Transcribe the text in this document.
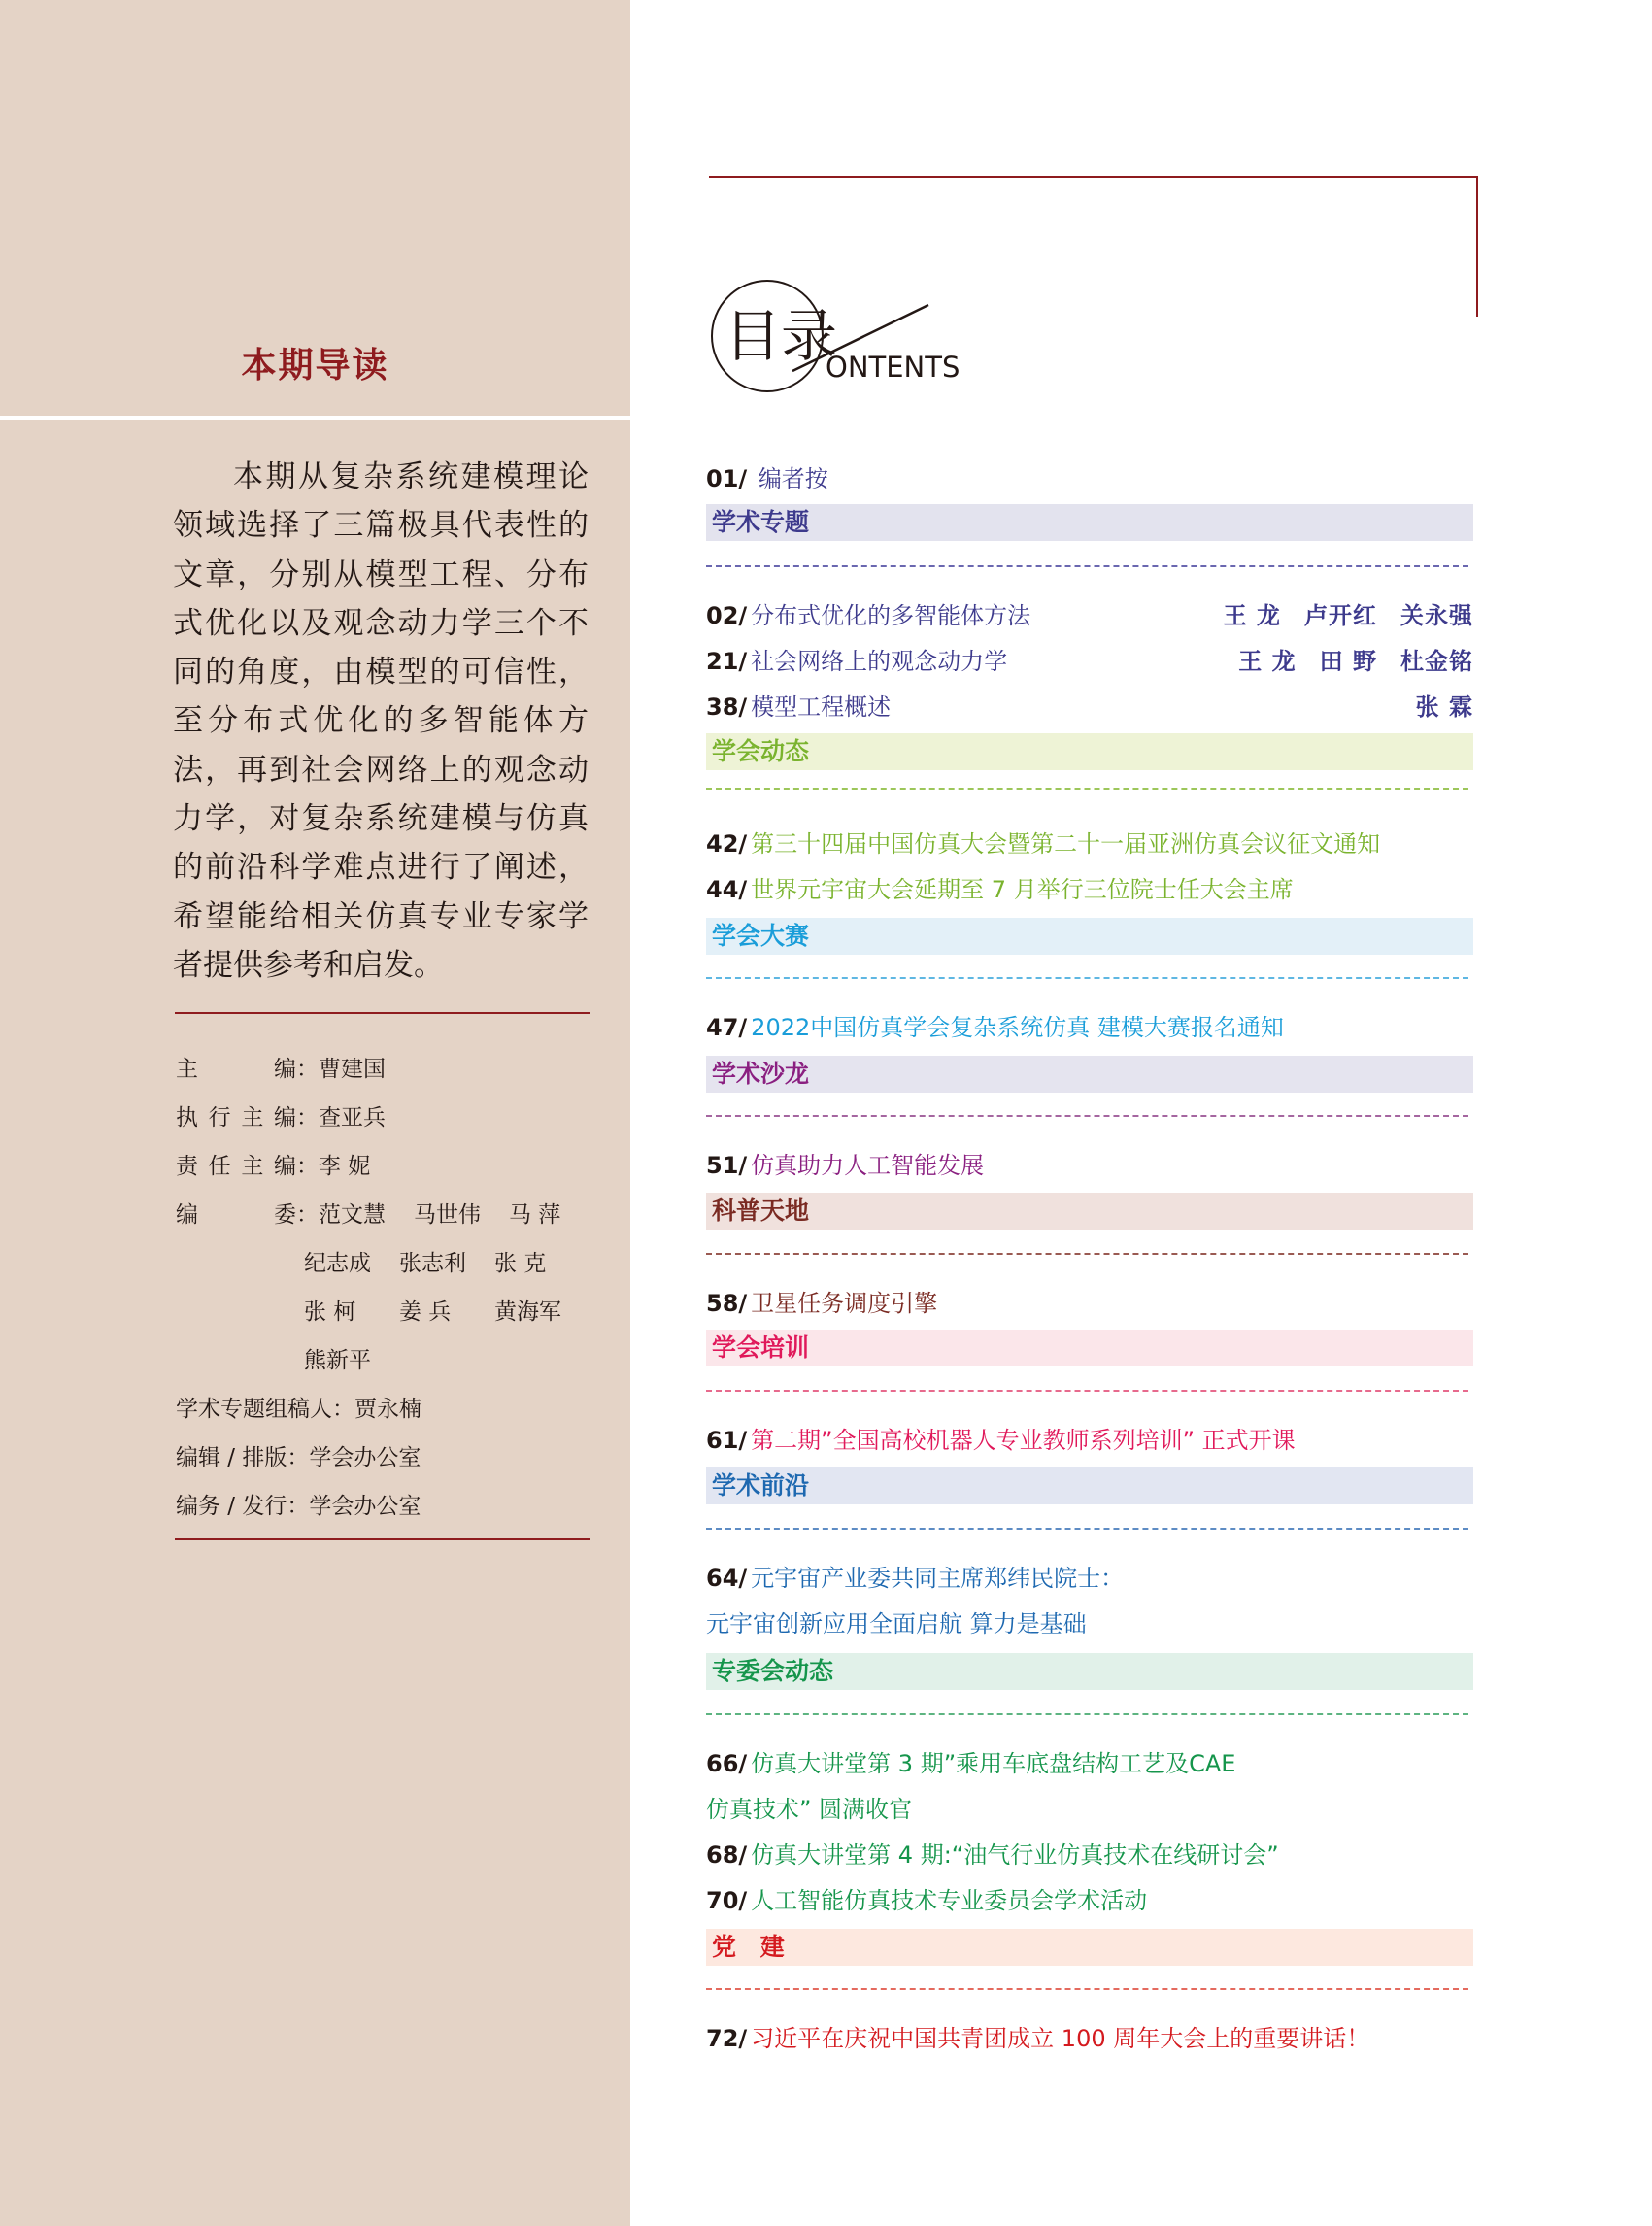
本期导读

本期从复杂系统建模理论领域选择了三篇极具代表性的文章，分别从模型工程、分布式优化以及观念动力学三个不同的角度，由模型的可信性，至分布式优化的多智能体方法，再到社会网络上的观念动力学，对复杂系统建模与仿真的前沿科学难点进行了阐述，希望能给相关仿真专业专家学者提供参考和启发。

主编：曹建国
执行主编：查亚兵
责任主编：李 妮
编委：范文慧 马世伟 马 萍
纪志成 张志利 张 克
张 柯 姜 兵 黄海军
熊新平
学术专题组稿人：贾永楠
编辑 / 排版：学会办公室
编务 / 发行：学会办公室
目录
ONTENTS
01/ 编者按
学术专题
02/ 分布式优化的多智能体方法	王 龙 卢开红 关永强
21/ 社会网络上的观念动力学	王 龙 田 野 杜金铭
38/ 模型工程概述	张 霖
学会动态
42/ 第三十四届中国仿真大会暨第二十一届亚洲仿真会议征文通知
44/ 世界元宇宙大会延期至 7 月举行三位院士任大会主席
学会大赛
47/ 2022中国仿真学会复杂系统仿真 建模大赛报名通知
学术沙龙
51/ 仿真助力人工智能发展
科普天地
58/ 卫星任务调度引擎
学会培训
61/ 第二期”全国高校机器人专业教师系列培训” 正式开课
学术前沿
64/ 元宇宙产业委共同主席郑纬民院士：
元宇宙创新应用全面启航 算力是基础
专委会动态
66/ 仿真大讲堂第 3 期”乘用车底盘结构工艺及CAE
仿真技术” 圆满收官
68/ 仿真大讲堂第 4 期:“油气行业仿真技术在线研讨会”
70/ 人工智能仿真技术专业委员会学术活动
党 建
72/ 习近平在庆祝中国共青团成立 100 周年大会上的重要讲话！
